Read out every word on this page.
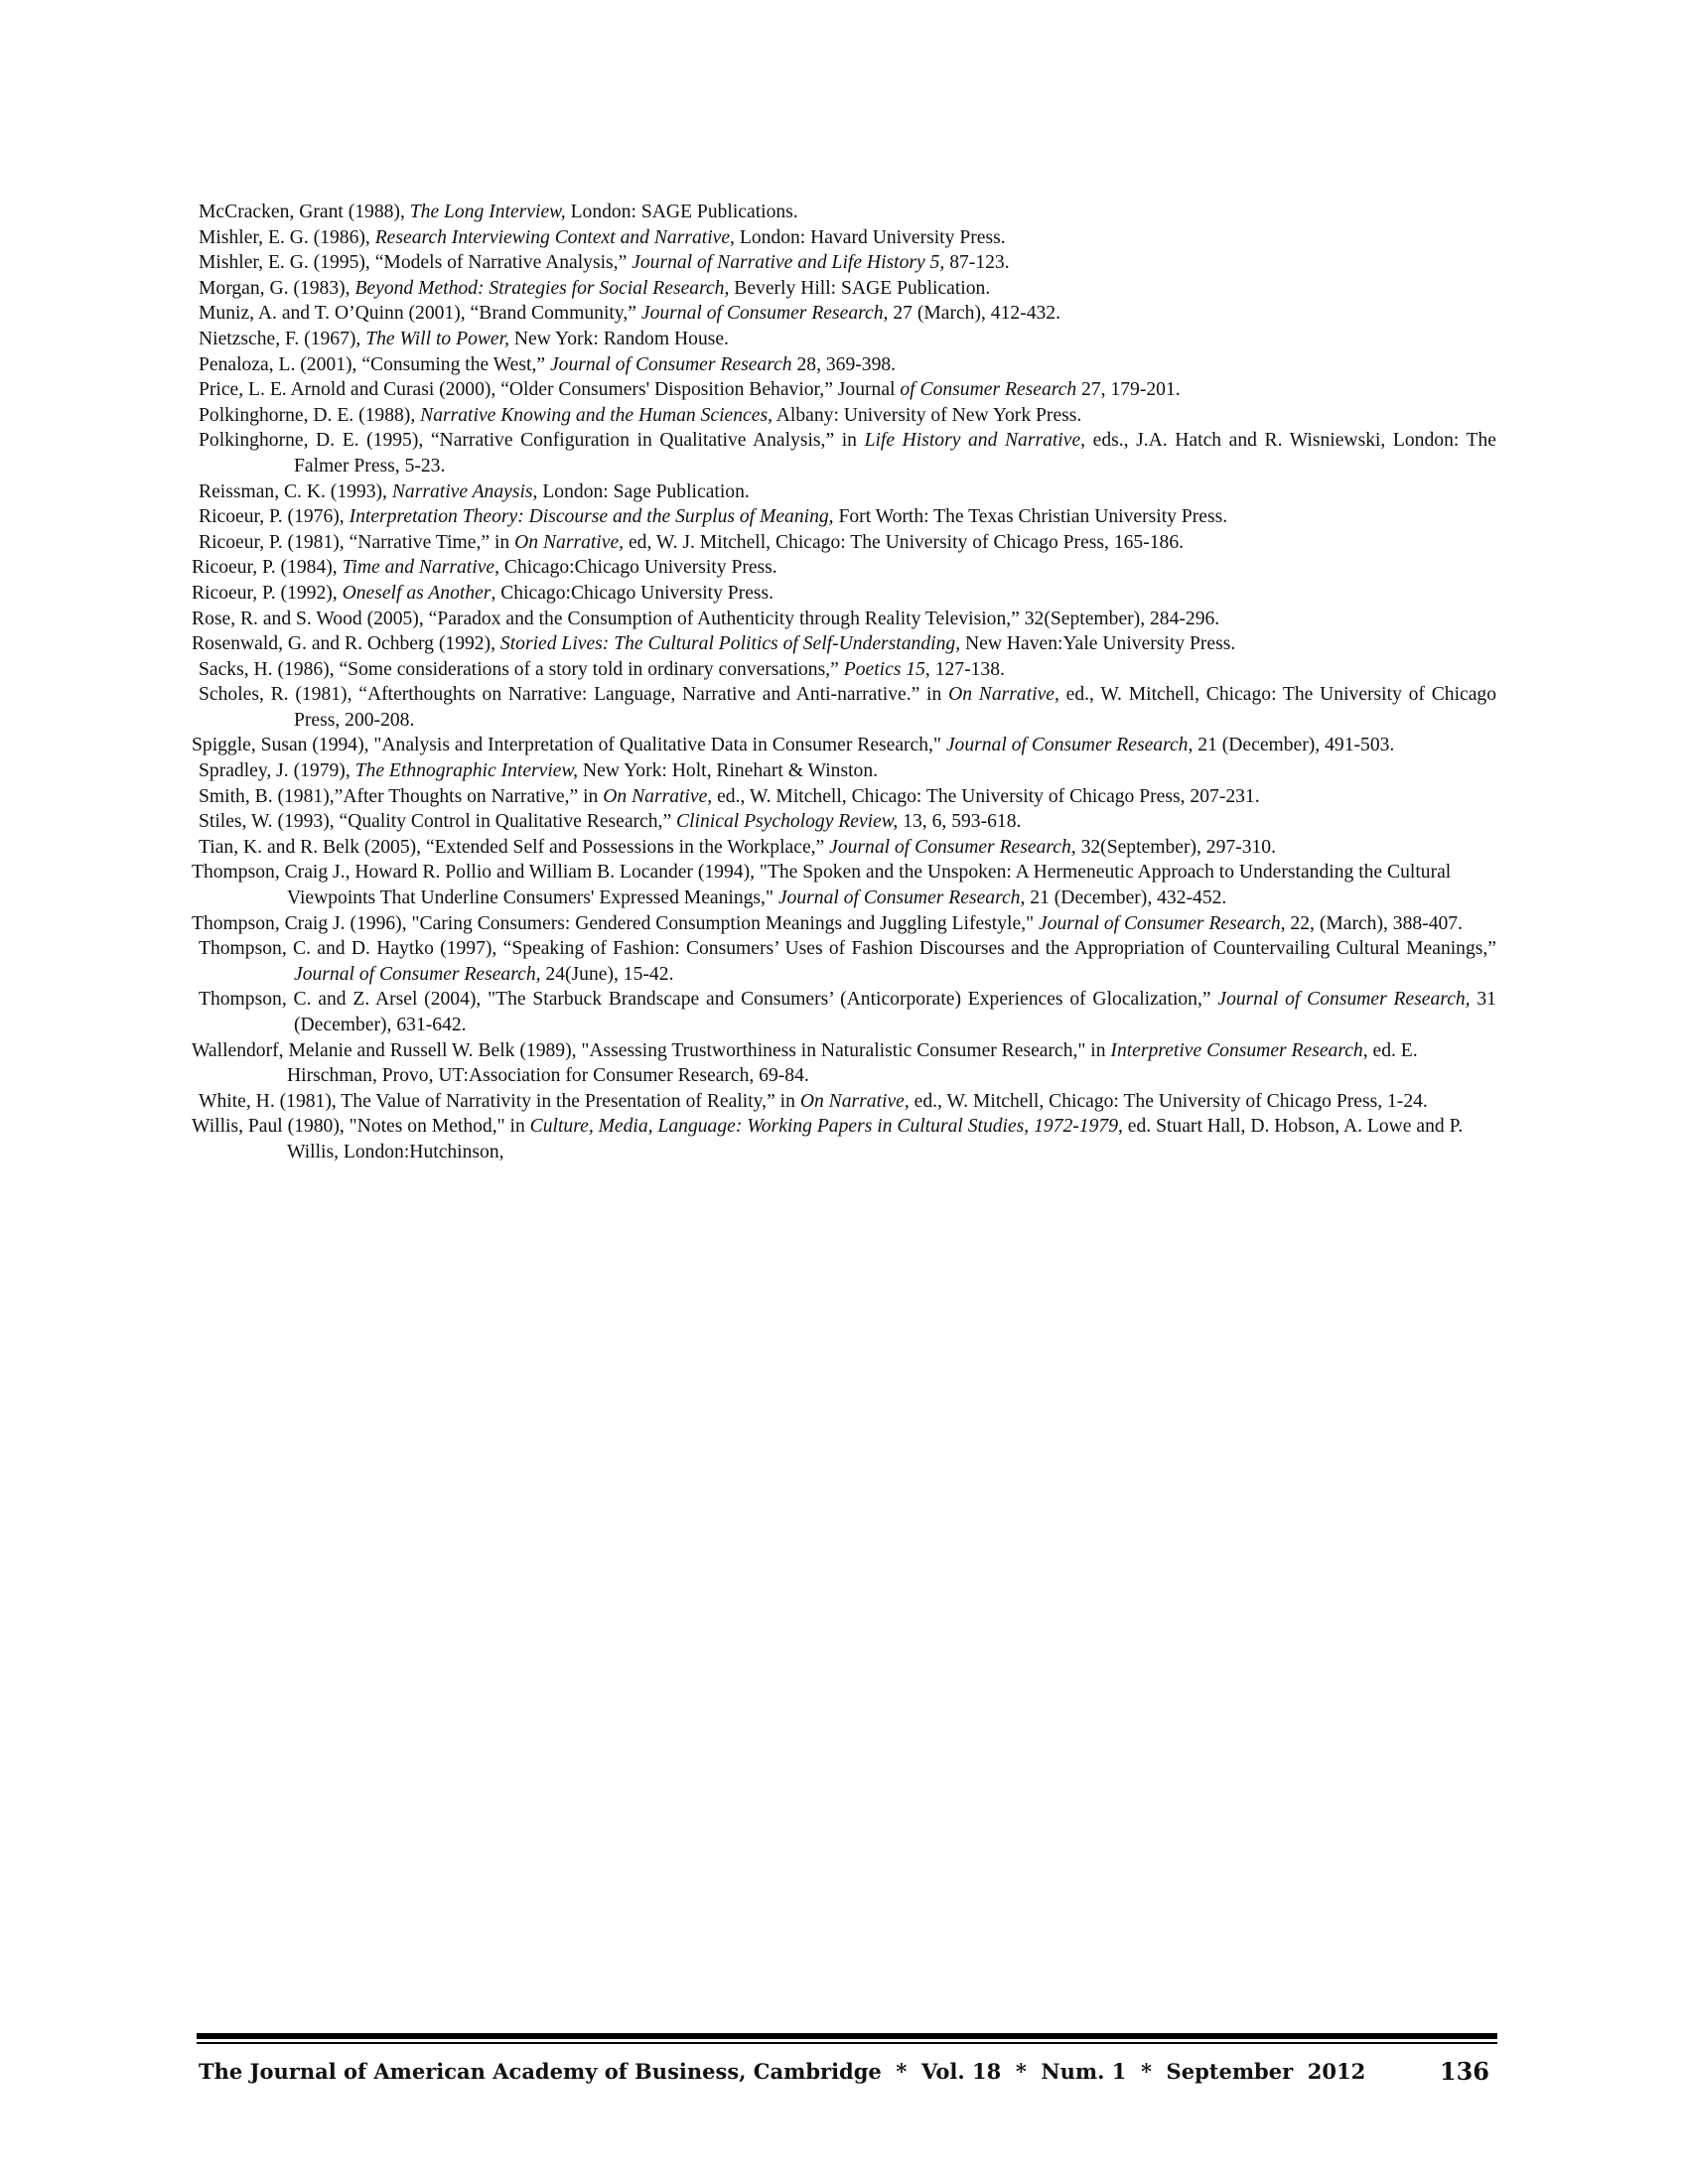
McCracken, Grant (1988), The Long Interview, London: SAGE Publications.

Mishler, E. G. (1986), Research Interviewing Context and Narrative, London: Havard University Press.

Mishler, E. G. (1995), “Models of Narrative Analysis,” Journal of Narrative and Life History 5, 87-123.

Morgan, G. (1983), Beyond Method: Strategies for Social Research, Beverly Hill: SAGE Publication.

Muniz, A. and T. O’Quinn (2001), “Brand Community,” Journal of Consumer Research, 27 (March), 412-432.

Nietzsche, F. (1967), The Will to Power, New York: Random House.

Penaloza, L. (2001), “Consuming the West,” Journal of Consumer Research 28, 369-398.

Price, L. E. Arnold and Curasi (2000), “Older Consumers' Disposition Behavior,” Journal of Consumer Research 27, 179-201.

Polkinghorne, D. E. (1988), Narrative Knowing and the Human Sciences, Albany: University of New York Press.

Polkinghorne, D. E. (1995), “Narrative Configuration in Qualitative Analysis,” in Life History and Narrative, eds., J.A. Hatch and R. Wisniewski, London: The Falmer Press, 5-23.

Reissman, C. K. (1993), Narrative Anaysis, London: Sage Publication.

Ricoeur, P. (1976), Interpretation Theory: Discourse and the Surplus of Meaning, Fort Worth: The Texas Christian University Press.

Ricoeur, P. (1981), “Narrative Time,” in On Narrative, ed, W. J. Mitchell, Chicago: The University of Chicago Press, 165-186.

Ricoeur, P. (1984), Time and Narrative, Chicago:Chicago University Press.

Ricoeur, P. (1992), Oneself as Another, Chicago:Chicago University Press.

Rose, R. and S. Wood (2005), “Paradox and the Consumption of Authenticity through Reality Television,” 32(September), 284-296.

Rosenwald, G. and R. Ochberg (1992), Storied Lives: The Cultural Politics of Self-Understanding, New Haven:Yale University Press.

Sacks, H. (1986), “Some considerations of a story told in ordinary conversations,” Poetics 15, 127-138.

Scholes, R. (1981), “Afterthoughts on Narrative: Language, Narrative and Anti-narrative.” in On Narrative, ed., W. Mitchell, Chicago: The University of Chicago Press, 200-208.

Spiggle, Susan (1994), "Analysis and Interpretation of Qualitative Data in Consumer Research," Journal of Consumer Research, 21 (December), 491-503.

Spradley, J. (1979), The Ethnographic Interview, New York: Holt, Rinehart & Winston.

Smith, B. (1981),”After Thoughts on Narrative,” in On Narrative, ed., W. Mitchell, Chicago: The University of Chicago Press, 207-231.

Stiles, W. (1993), “Quality Control in Qualitative Research,” Clinical Psychology Review, 13, 6, 593-618.

Tian, K. and R. Belk (2005), “Extended Self and Possessions in the Workplace,” Journal of Consumer Research, 32(September), 297-310.

Thompson, Craig J., Howard R. Pollio and William B. Locander (1994), "The Spoken and the Unspoken: A Hermeneutic Approach to Understanding the Cultural Viewpoints That Underline Consumers' Expressed Meanings," Journal of Consumer Research, 21 (December), 432-452.

Thompson, Craig J. (1996), "Caring Consumers: Gendered Consumption Meanings and Juggling Lifestyle," Journal of Consumer Research, 22, (March), 388-407.

Thompson, C. and D. Haytko (1997), “Speaking of Fashion: Consumers’ Uses of Fashion Discourses and the Appropriation of Countervailing Cultural Meanings,” Journal of Consumer Research, 24(June), 15-42.

Thompson, C. and Z. Arsel (2004), "The Starbuck Brandscape and Consumers’ (Anticorporate) Experiences of Glocalization,” Journal of Consumer Research, 31 (December), 631-642.

Wallendorf, Melanie and Russell W. Belk (1989), "Assessing Trustworthiness in Naturalistic Consumer Research," in Interpretive Consumer Research, ed. E. Hirschman, Provo, UT:Association for Consumer Research, 69-84.

White, H. (1981), The Value of Narrativity in the Presentation of Reality,” in On Narrative, ed., W. Mitchell, Chicago: The University of Chicago Press, 1-24.

Willis, Paul (1980), "Notes on Method," in Culture, Media, Language: Working Papers in Cultural Studies, 1972-1979, ed. Stuart Hall, D. Hobson, A. Lowe and P. Willis, London:Hutchinson,

The Journal of American Academy of Business, Cambridge  *  Vol. 18  *  Num. 1  *  September  2012	136
